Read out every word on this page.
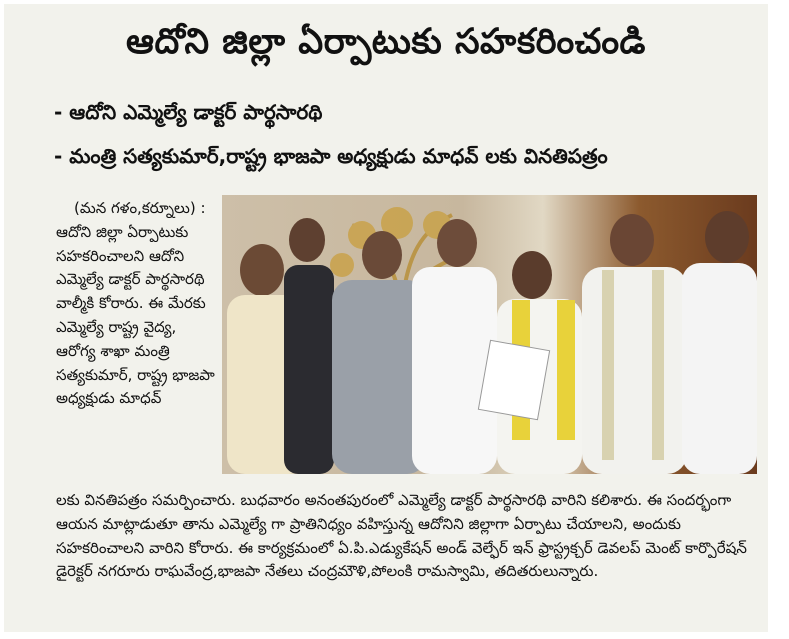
ఆదోని జిల్లా ఏర్పాటుకు సహకరించండి
- ఆదోని ఎమ్మెల్యే డాక్టర్ పార్థసారథి
- మంత్రి సత్యకుమార్,రాష్ట్ర భాజపా అధ్యక్షుడు మాధవ్ లకు వినతిపత్రం
(మన గళం,కర్నూలు) : ఆదోని జిల్లా ఏర్పాటుకు సహకరించాలని ఆదోని ఎమ్మెల్యే డాక్టర్ పార్థసారథి వాల్మీకి కోరారు. ఈ మేరకు ఎమ్మెల్యే రాష్ట్ర వైద్య, ఆరోగ్య శాఖా మంత్రి సత్యకుమార్, రాష్ట్ర భాజపా అధ్యక్షుడు మాధవ్
లకు వినతిపత్రం సమర్పించారు. బుధవారం అనంతపురంలో ఎమ్మెల్యే డాక్టర్ పార్థసారథి వారిని కలిశారు. ఈ సందర్భంగా ఆయన మాట్లాడుతూ తాను ఎమ్మెల్యే గా ప్రాతినిధ్యం వహిస్తున్న ఆదోనిని జిల్లాగా ఏర్పాటు చేయాలని, అందుకు సహకరించాలని వారిని కోరారు. ఈ కార్యక్రమంలో ఏ.పి.ఎడ్యుకేషన్ అండ్ వెల్ఫేర్ ఇన్ ఫ్రాస్ట్రక్చర్ డెవలప్ మెంట్ కార్పొరేషన్ డైరెక్టర్ నగరూరు రాఘవేంద్ర,భాజపా నేతలు చంద్రమౌళి,పోలంకి రామస్వామి, తదితరులున్నారు.
